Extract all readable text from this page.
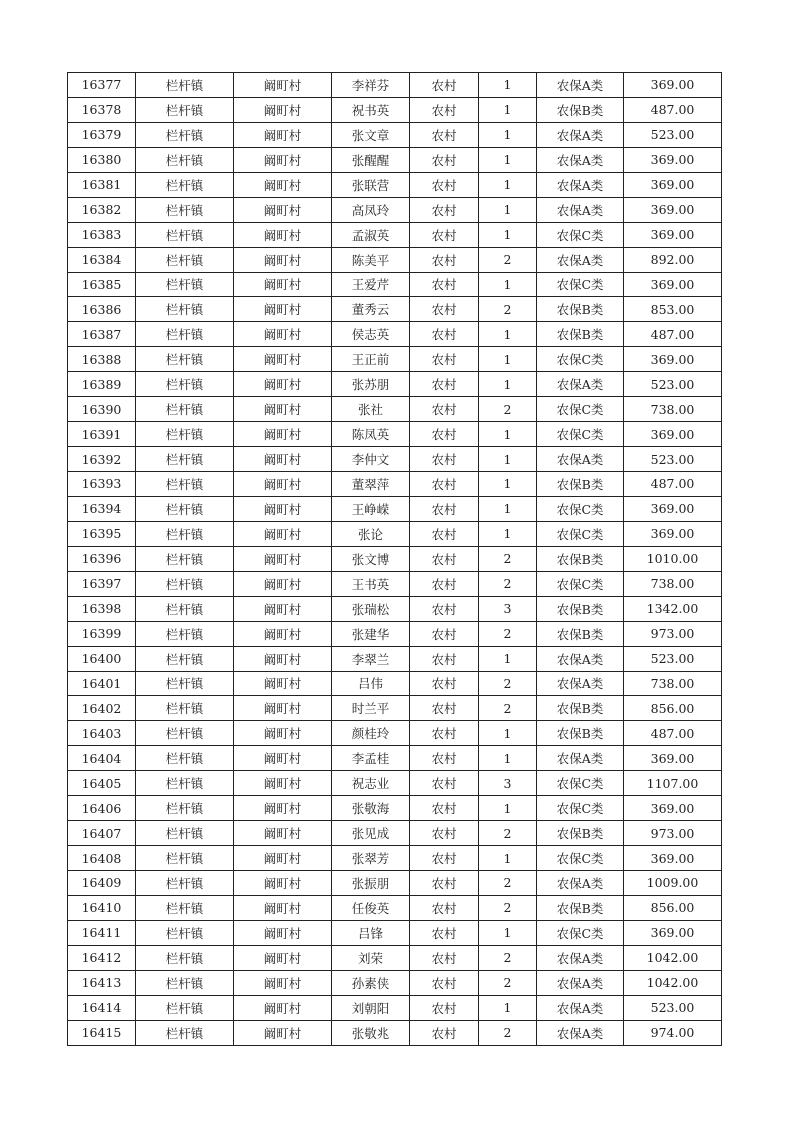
16377	栏杆镇	阚町村	李祥芬	农村	1	农保A类	369.00
16378	栏杆镇	阚町村	祝书英	农村	1	农保B类	487.00
16379	栏杆镇	阚町村	张文章	农村	1	农保A类	523.00
16380	栏杆镇	阚町村	张醒醒	农村	1	农保A类	369.00
16381	栏杆镇	阚町村	张联营	农村	1	农保A类	369.00
16382	栏杆镇	阚町村	高凤玲	农村	1	农保A类	369.00
16383	栏杆镇	阚町村	孟淑英	农村	1	农保C类	369.00
16384	栏杆镇	阚町村	陈美平	农村	2	农保A类	892.00
16385	栏杆镇	阚町村	王爱芹	农村	1	农保C类	369.00
16386	栏杆镇	阚町村	董秀云	农村	2	农保B类	853.00
16387	栏杆镇	阚町村	侯志英	农村	1	农保B类	487.00
16388	栏杆镇	阚町村	王正前	农村	1	农保C类	369.00
16389	栏杆镇	阚町村	张苏朋	农村	1	农保A类	523.00
16390	栏杆镇	阚町村	张社	农村	2	农保C类	738.00
16391	栏杆镇	阚町村	陈凤英	农村	1	农保C类	369.00
16392	栏杆镇	阚町村	李仲文	农村	1	农保A类	523.00
16393	栏杆镇	阚町村	董翠萍	农村	1	农保B类	487.00
16394	栏杆镇	阚町村	王峥嵘	农村	1	农保C类	369.00
16395	栏杆镇	阚町村	张论	农村	1	农保C类	369.00
16396	栏杆镇	阚町村	张文博	农村	2	农保B类	1010.00
16397	栏杆镇	阚町村	王书英	农村	2	农保C类	738.00
16398	栏杆镇	阚町村	张瑞松	农村	3	农保B类	1342.00
16399	栏杆镇	阚町村	张建华	农村	2	农保B类	973.00
16400	栏杆镇	阚町村	李翠兰	农村	1	农保A类	523.00
16401	栏杆镇	阚町村	吕伟	农村	2	农保A类	738.00
16402	栏杆镇	阚町村	时兰平	农村	2	农保B类	856.00
16403	栏杆镇	阚町村	颜桂玲	农村	1	农保B类	487.00
16404	栏杆镇	阚町村	李孟桂	农村	1	农保A类	369.00
16405	栏杆镇	阚町村	祝志业	农村	3	农保C类	1107.00
16406	栏杆镇	阚町村	张敬海	农村	1	农保C类	369.00
16407	栏杆镇	阚町村	张见成	农村	2	农保B类	973.00
16408	栏杆镇	阚町村	张翠芳	农村	1	农保C类	369.00
16409	栏杆镇	阚町村	张振朋	农村	2	农保A类	1009.00
16410	栏杆镇	阚町村	任俊英	农村	2	农保B类	856.00
16411	栏杆镇	阚町村	吕锋	农村	1	农保C类	369.00
16412	栏杆镇	阚町村	刘荣	农村	2	农保A类	1042.00
16413	栏杆镇	阚町村	孙素侠	农村	2	农保A类	1042.00
16414	栏杆镇	阚町村	刘朝阳	农村	1	农保A类	523.00
16415	栏杆镇	阚町村	张敬兆	农村	2	农保A类	974.00
